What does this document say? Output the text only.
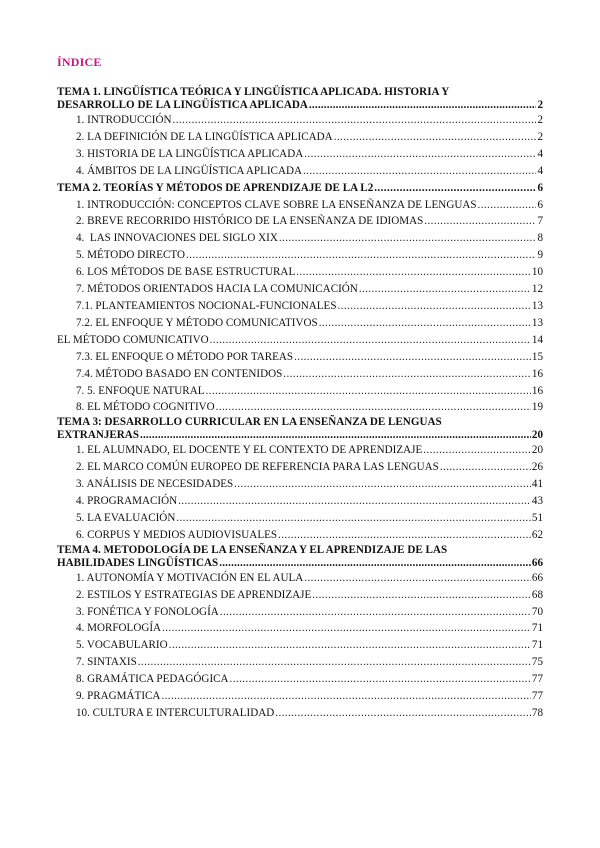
ÍNDICE
TEMA 1. LINGÜÍSTICA TEÓRICA Y LINGÜÍSTICA APLICADA. HISTORIA Y
DESARROLLO DE LA LINGÜÍSTICA APLICADA .....	2
1. INTRODUCCIÓN .....	2
2. LA DEFINICIÓN DE LA LINGÜÍSTICA APLICADA .....	2
3. HISTORIA DE LA LINGÜÍSTICA APLICADA .....	4
4. ÁMBITOS DE LA LINGÜÍSTICA APLICADA .....	4
TEMA 2. TEORÍAS Y MÉTODOS DE APRENDIZAJE DE LA L2 .....	6
1. INTRODUCCIÓN: CONCEPTOS CLAVE SOBRE LA ENSEÑANZA DE LENGUAS .....	6
2. BREVE RECORRIDO HISTÓRICO DE LA ENSEÑANZA DE IDIOMAS .....	7
4.  LAS INNOVACIONES DEL SIGLO XIX .....	8
5. MÉTODO DIRECTO .....	9
6. LOS MÉTODOS DE BASE ESTRUCTURAL .....	10
7. MÉTODOS ORIENTADOS HACIA LA COMUNICACIÓN .....	12
7.1. PLANTEAMIENTOS NOCIONAL-FUNCIONALES .....	13
7.2. EL ENFOQUE Y MÉTODO COMUNICATIVOS .....	13
EL MÉTODO COMUNICATIVO .....	14
7.3. EL ENFOQUE O MÉTODO POR TAREAS .....	15
7.4. MÉTODO BASADO EN CONTENIDOS .....	16
7. 5. ENFOQUE NATURAL .....	16
8. EL MÉTODO COGNITIVO .....	19
TEMA 3: DESARROLLO CURRICULAR EN LA ENSEÑANZA DE LENGUAS
EXTRANJERAS .....	20
1. EL ALUMNADO, EL DOCENTE Y EL CONTEXTO DE APRENDIZAJE .....	20
2. EL MARCO COMÚN EUROPEO DE REFERENCIA PARA LAS LENGUAS .....	26
3. ANÁLISIS DE NECESIDADES .....	41
4. PROGRAMACIÓN .....	43
5. LA EVALUACIÓN .....	51
6. CORPUS Y MEDIOS AUDIOVISUALES .....	62
TEMA 4. METODOLOGÍA DE LA ENSEÑANZA Y EL APRENDIZAJE DE LAS
HABILIDADES LINGÜÍSTICAS .....	66
1. AUTONOMÍA Y MOTIVACIÓN EN EL AULA .....	66
2. ESTILOS Y ESTRATEGIAS DE APRENDIZAJE .....	68
3. FONÉTICA Y FONOLOGÍA .....	70
4. MORFOLOGÍA .....	71
5. VOCABULARIO .....	71
7. SINTAXIS .....	75
8. GRAMÁTICA PEDAGÓGICA .....	77
9. PRAGMÁTICA .....	77
10. CULTURA E INTERCULTURALIDAD .....	78
